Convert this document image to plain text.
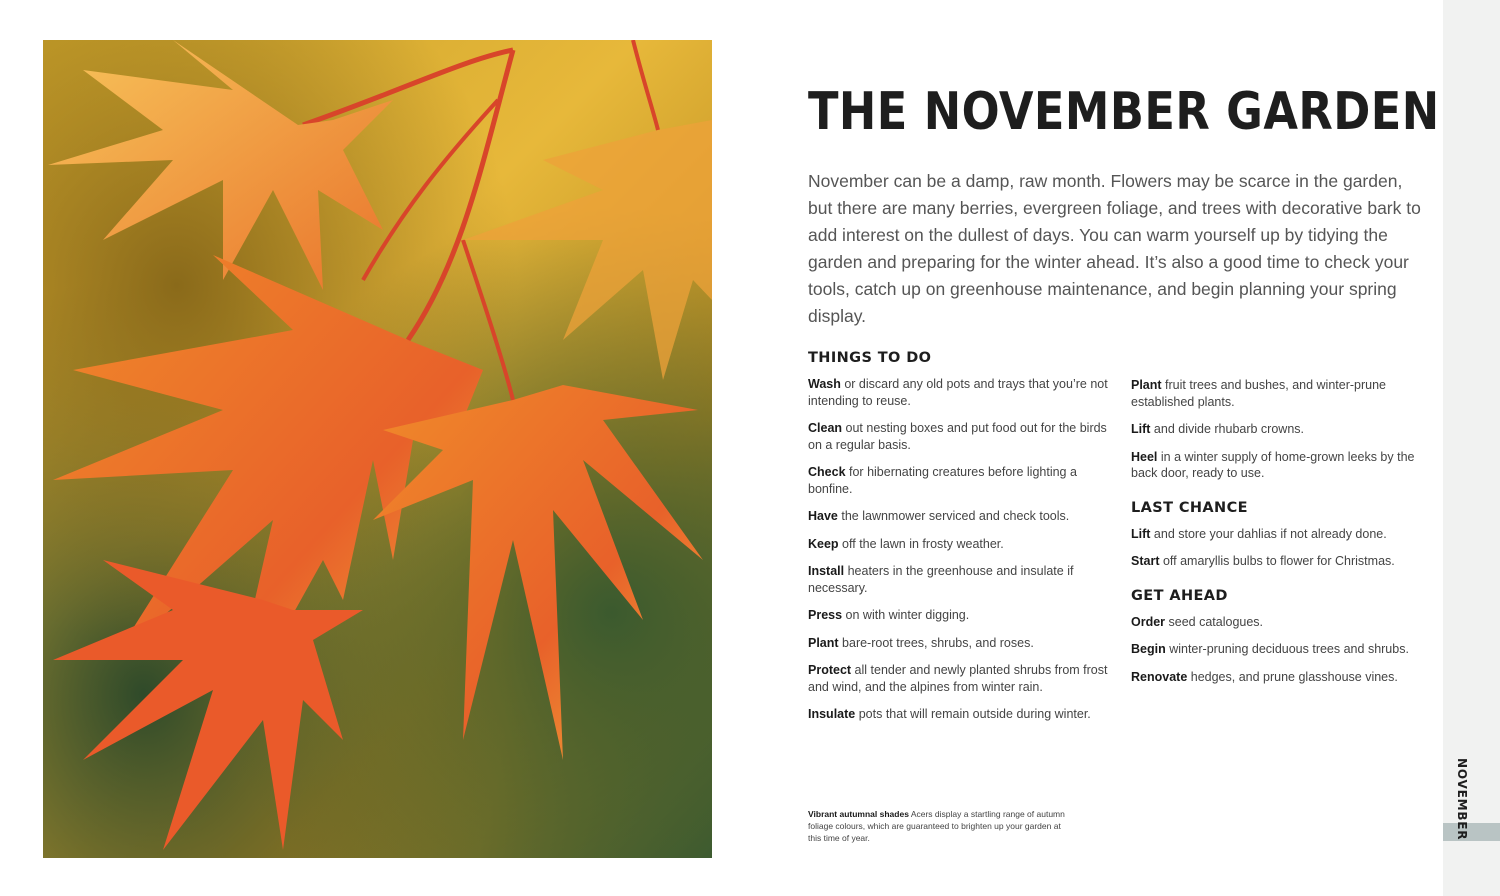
THE NOVEMBER GARDEN

November can be a damp, raw month. Flowers may be scarce in the garden, but there are many berries, evergreen foliage, and trees with decorative bark to add interest on the dullest of days. You can warm yourself up by tidying the garden and preparing for the winter ahead. It’s also a good time to check your tools, catch up on greenhouse maintenance, and begin planning your spring display.

THINGS TO DO

Wash or discard any old pots and trays that you’re not intending to reuse.

Clean out nesting boxes and put food out for the birds on a regular basis.

Check for hibernating creatures before lighting a bonfine.

Have the lawnmower serviced and check tools.

Keep off the lawn in frosty weather.

Install heaters in the greenhouse and insulate if necessary.

Press on with winter digging.

Plant bare-root trees, shrubs, and roses.

Protect all tender and newly planted shrubs from frost and wind, and the alpines from winter rain.

Insulate pots that will remain outside during winter.

Plant fruit trees and bushes, and winter-prune established plants.

Lift and divide rhubarb crowns.

Heel in a winter supply of home-grown leeks by the back door, ready to use.

LAST CHANCE

Lift and store your dahlias if not already done.

Start off amaryllis bulbs to flower for Christmas.

GET AHEAD

Order seed catalogues.

Begin winter-pruning deciduous trees and shrubs.

Renovate hedges, and prune glasshouse vines.

Vibrant autumnal shades Acers display a startling range of autumn foliage colours, which are guaranteed to brighten up your garden at this time of year.
